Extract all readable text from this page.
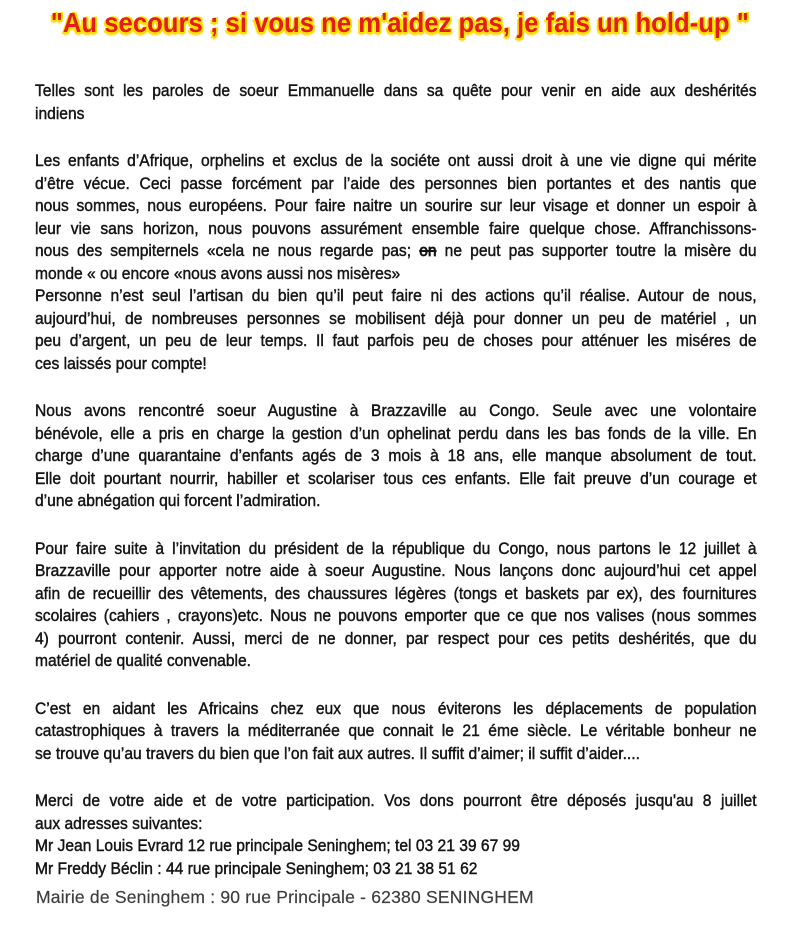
"Au secours ; si vous ne m'aidez pas, je fais un hold-up "
Telles sont les paroles de soeur Emmanuelle dans sa quête pour venir en aide aux deshérités
indiens
Les enfants d’Afrique, orphelins et exclus de la sociéte ont aussi droit à une vie digne qui mérite
d’être vécue. Ceci passe forcément par l’aide des personnes bien portantes et des nantis que
nous sommes, nous européens. Pour faire naitre un sourire sur leur visage et donner un espoir à
leur vie sans horizon, nous pouvons assurément ensemble faire quelque chose. Affranchissons-
nous des sempiternels «cela ne nous regarde pas; on ne peut pas supporter toutre la misère du
monde « ou encore «nous avons aussi nos misères»
Personne n’est seul l’artisan du bien qu’il peut faire ni des actions qu’il réalise. Autour de nous,
aujourd’hui, de nombreuses personnes se mobilisent déjà pour donner un peu de matériel , un
peu d’argent, un peu de leur temps. Il faut parfois peu de choses pour atténuer les miséres de
ces laissés pour compte!
Nous avons rencontré soeur Augustine à Brazzaville au Congo. Seule avec une volontaire
bénévole, elle a pris en charge la gestion d’un ophelinat perdu dans les bas fonds de la ville. En
charge d’une quarantaine d’enfants agés de 3 mois à 18 ans, elle manque absolument de tout.
Elle doit pourtant nourrir, habiller et scolariser tous ces enfants. Elle fait preuve d’un courage et
d’une abnégation qui forcent l’admiration.
Pour faire suite à l’invitation du président de la république du Congo, nous partons le 12 juillet à
Brazzaville pour apporter notre aide à soeur Augustine. Nous lançons donc aujourd’hui cet appel
afin de recueillir des vêtements, des chaussures légères (tongs et baskets par ex), des fournitures
scolaires (cahiers , crayons)etc. Nous ne pouvons emporter que ce que nos valises (nous sommes
4) pourront contenir. Aussi, merci de ne donner, par respect pour ces petits deshérités, que du
matériel de qualité convenable.
C’est en aidant les Africains chez eux que nous éviterons les déplacements de population
catastrophiques à travers la méditerranée que connait le 21 éme siècle. Le véritable bonheur ne
se trouve qu’au travers du bien que l’on fait aux autres. Il suffit d’aimer; il suffit d’aider....
Merci de votre aide et de votre participation. Vos dons pourront être déposés jusqu'au 8 juillet
aux adresses suivantes:
Mr Jean Louis Evrard 12 rue principale Seninghem; tel 03 21 39 67 99
Mr Freddy Béclin : 44 rue principale Seninghem; 03 21 38 51 62
Mairie de Seninghem : 90 rue Principale - 62380 SENINGHEM
